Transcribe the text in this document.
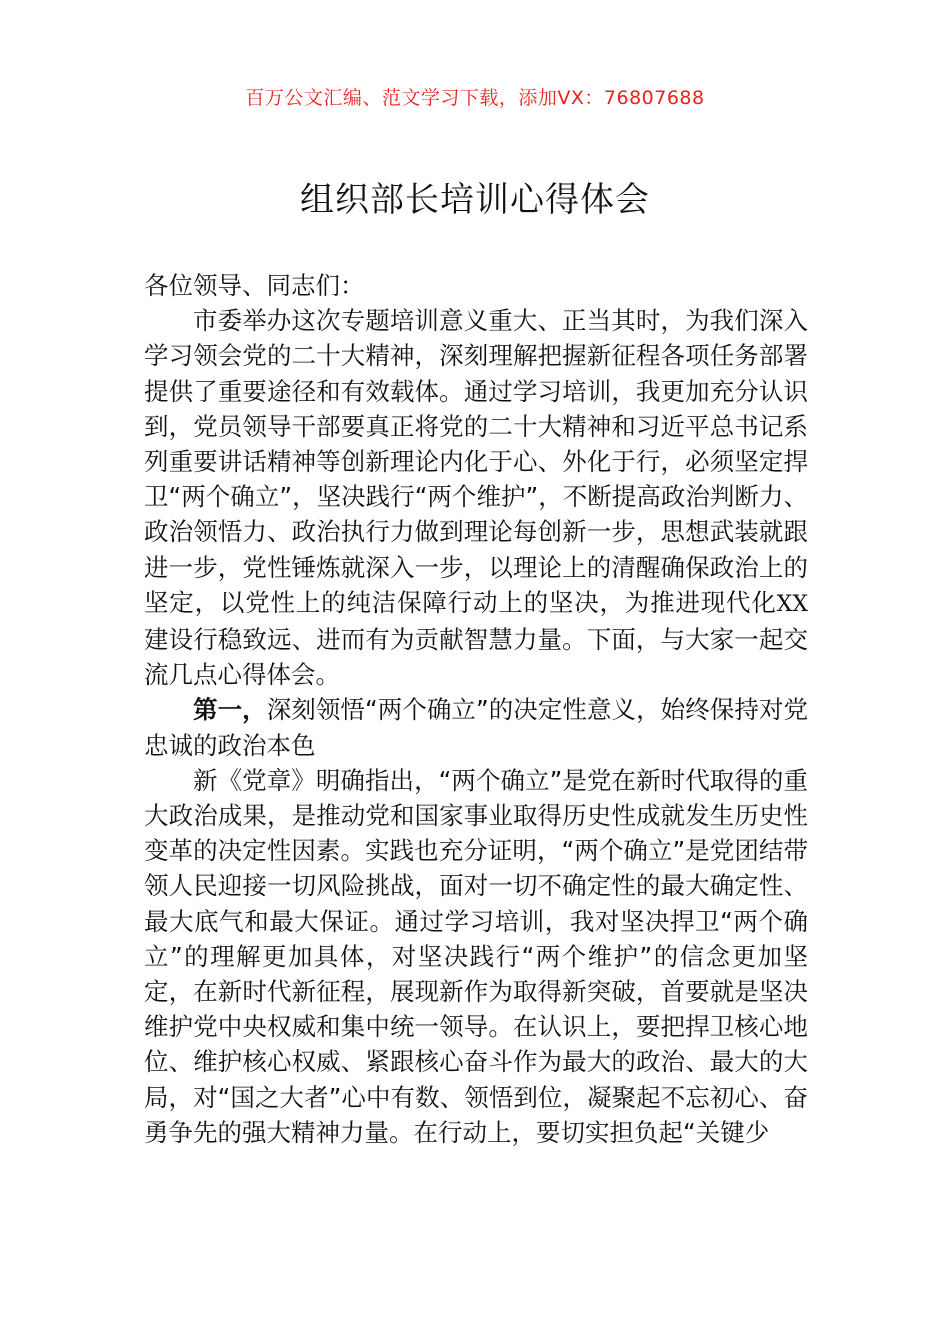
百万公文汇编、范文学习下载，添加VX：76807688
组织部长培训心得体会

各位领导、同志们：

市委举办这次专题培训意义重大、正当其时，为我们深入学习领会党的二十大精神，深刻理解把握新征程各项任务部署提供了重要途径和有效载体。通过学习培训，我更加充分认识到，党员领导干部要真正将党的二十大精神和习近平总书记系列重要讲话精神等创新理论内化于心、外化于行，必须坚定捍卫“两个确立”，坚决践行“两个维护”，不断提高政治判断力、政治领悟力、政治执行力做到理论每创新一步，思想武装就跟进一步，党性锤炼就深入一步，以理论上的清醒确保政治上的坚定，以党性上的纯洁保障行动上的坚决，为推进现代化XX建设行稳致远、进而有为贡献智慧力量。下面，与大家一起交流几点心得体会。

第一，深刻领悟“两个确立”的决定性意义，始终保持对党忠诚的政治本色

新《党章》明确指出，“两个确立”是党在新时代取得的重大政治成果，是推动党和国家事业取得历史性成就发生历史性变革的决定性因素。实践也充分证明，“两个确立”是党团结带领人民迎接一切风险挑战，面对一切不确定性的最大确定性、最大底气和最大保证。通过学习培训，我对坚决捍卫“两个确立”的理解更加具体，对坚决践行“两个维护”的信念更加坚定，在新时代新征程，展现新作为取得新突破，首要就是坚决维护党中央权威和集中统一领导。在认识上，要把捍卫核心地位、维护核心权威、紧跟核心奋斗作为最大的政治、最大的大局，对“国之大者”心中有数、领悟到位，凝聚起不忘初心、奋勇争先的强大精神力量。在行动上，要切实担负起“关键少
